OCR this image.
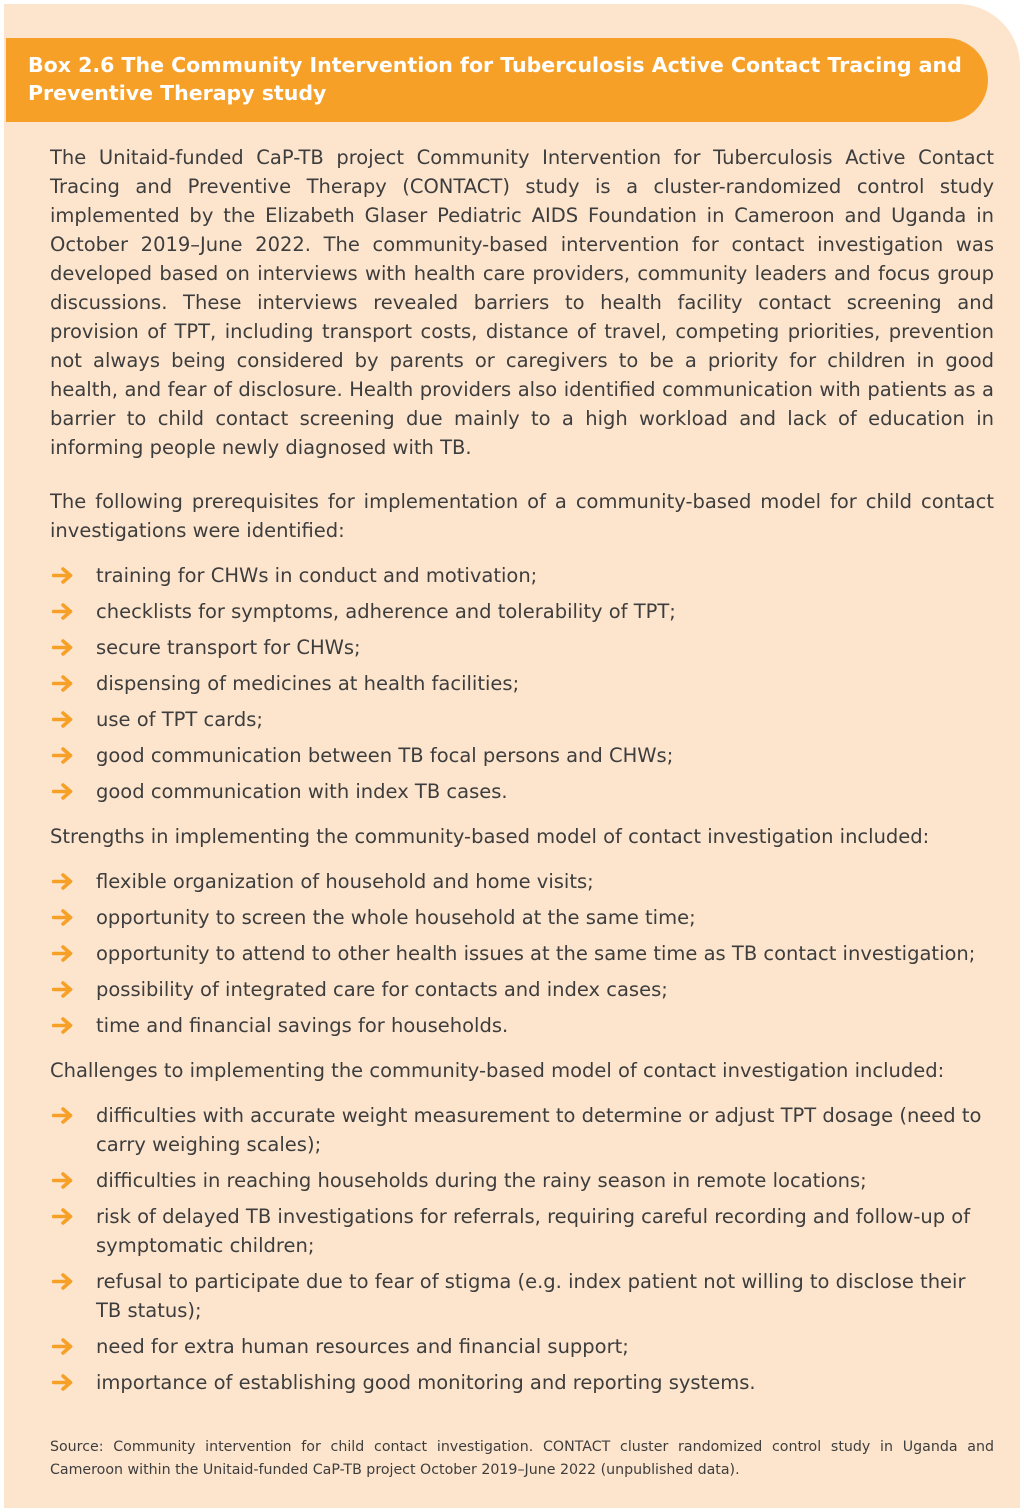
Box 2.6 The Community Intervention for Tuberculosis Active Contact Tracing and Preventive Therapy study

The Unitaid-funded CaP-TB project Community Intervention for Tuberculosis Active Contact Tracing and Preventive Therapy (CONTACT) study is a cluster-randomized control study implemented by the Elizabeth Glaser Pediatric AIDS Foundation in Cameroon and Uganda in October 2019–June 2022. The community-based intervention for contact investigation was developed based on interviews with health care providers, community leaders and focus group discussions. These interviews revealed barriers to health facility contact screening and provision of TPT, including transport costs, distance of travel, competing priorities, prevention not always being considered by parents or caregivers to be a priority for children in good health, and fear of disclosure. Health providers also identified communication with patients as a barrier to child contact screening due mainly to a high workload and lack of education in informing people newly diagnosed with TB.

The following prerequisites for implementation of a community-based model for child contact investigations were identified:

training for CHWs in conduct and motivation;
checklists for symptoms, adherence and tolerability of TPT;
secure transport for CHWs;
dispensing of medicines at health facilities;
use of TPT cards;
good communication between TB focal persons and CHWs;
good communication with index TB cases.

Strengths in implementing the community-based model of contact investigation included:

flexible organization of household and home visits;
opportunity to screen the whole household at the same time;
opportunity to attend to other health issues at the same time as TB contact investigation;
possibility of integrated care for contacts and index cases;
time and financial savings for households.

Challenges to implementing the community-based model of contact investigation included:

difficulties with accurate weight measurement to determine or adjust TPT dosage (need to carry weighing scales);
difficulties in reaching households during the rainy season in remote locations;
risk of delayed TB investigations for referrals, requiring careful recording and follow-up of symptomatic children;
refusal to participate due to fear of stigma (e.g. index patient not willing to disclose their TB status);
need for extra human resources and financial support;
importance of establishing good monitoring and reporting systems.
Source: Community intervention for child contact investigation. CONTACT cluster randomized control study in Uganda and Cameroon within the Unitaid-funded CaP-TB project October 2019–June 2022 (unpublished data).
